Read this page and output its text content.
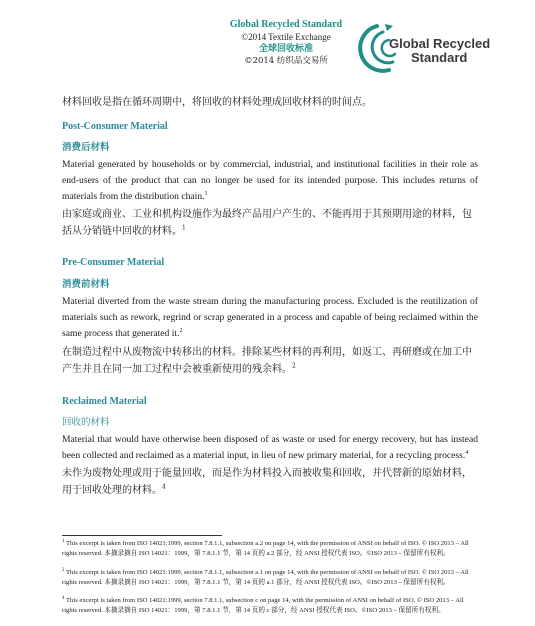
Global Recycled Standard
©2014 Textile Exchange
全球回收标准
©2014 纺织品交易所
Global Recycled
Standard

材料回收是指在循环周期中，将回收的材料处理成回收材料的时间点。

Post-Consumer Material
消费后材料

Material generated by households or by commercial, industrial, and institutional facilities in their role as end-users of the product that can no longer be used for its intended purpose. This includes returns of materials from the distribution chain.$^1$

由家庭或商业、工业和机构设施作为最终产品用户产生的、不能再用于其预期用途的材料，包括从分销链中回收的材料。$^1$

Pre-Consumer Material
消费前材料

Material diverted from the waste stream during the manufacturing process. Excluded is the reutilization of materials such as rework, regrind or scrap generated in a process and capable of being reclaimed within the same process that generated it.$^2$

在制造过程中从废物流中转移出的材料。排除某些材料的再利用，如返工、再研磨或在加工中产生并且在同一加工过程中会被重新使用的残余料。$^2$

Reclaimed Material
回收的材料

Material that would have otherwise been disposed of as waste or used for energy recovery, but has instead been collected and reclaimed as a material input, in lieu of new primary material, for a recycling process.$^4$

未作为废物处理或用于能量回收，而是作为材料投入而被收集和回收，并代替新的原始材料，用于回收处理的材料。$^4$

$^1$ This excerpt is taken from ISO 14021:1999, section 7.8.1.1, subsection a.2 on page 14, with the permission of ANSI on behalf of ISO. © ISO 2013 – All rights reserved. 本摘录摘自 ISO 14021：1999，第 7.8.1.1 节，第 14 页的 a.2 部分，经 ANSI 授权代表 ISO。©ISO 2013 – 保留所有权利。

$^2$ This excerpt is taken from ISO 14021:1999, section 7.8.1.1, subsection a.1 on page 14, with the permission of ANSI on behalf of ISO. © ISO 2013 – All rights reserved. 本摘录摘自 ISO 14021：1999，第 7.8.1.1 节，第 14 页的 a.1 部分，经 ANSI 授权代表 ISO。©ISO 2013 – 保留所有权利。

$^4$ This excerpt is taken from ISO 14021:1999, section 7.8.1.1, subsection c on page 14, with the permission of ANSI on behalf of ISO. © ISO 2013 – All rights reserved. 本摘录摘自 ISO 14021：1999，第 7.8.1.1 节，第 14 页的 c 部分，经 ANSI 授权代表 ISO。©ISO 2013 – 保留所有权利。
